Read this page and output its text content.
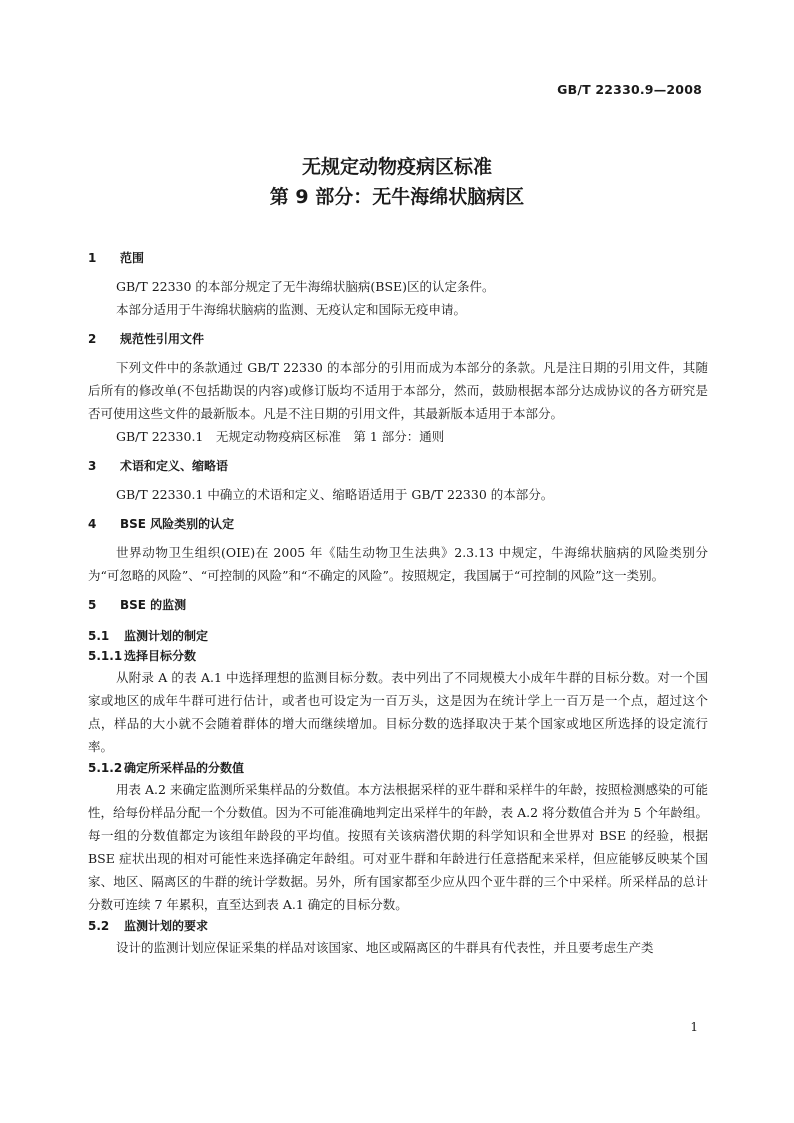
GB/T 22330.9—2008
无规定动物疫病区标准
第 9 部分：无牛海绵状脑病区
1 范围

GB/T 22330 的本部分规定了无牛海绵状脑病(BSE)区的认定条件。

本部分适用于牛海绵状脑病的监测、无疫认定和国际无疫申请。

2 规范性引用文件

下列文件中的条款通过 GB/T 22330 的本部分的引用而成为本部分的条款。凡是注日期的引用文件，其随后所有的修改单(不包括勘误的内容)或修订版均不适用于本部分，然而，鼓励根据本部分达成协议的各方研究是否可使用这些文件的最新版本。凡是不注日期的引用文件，其最新版本适用于本部分。

GB/T 22330.1　无规定动物疫病区标准　第 1 部分：通则

3 术语和定义、缩略语

GB/T 22330.1 中确立的术语和定义、缩略语适用于 GB/T 22330 的本部分。

4 BSE 风险类别的认定

世界动物卫生组织(OIE)在 2005 年《陆生动物卫生法典》2.3.13 中规定，牛海绵状脑病的风险类别分为“可忽略的风险”、“可控制的风险”和“不确定的风险”。按照规定，我国属于“可控制的风险”这一类别。

5 BSE 的监测
5.1 监测计划的制定
5.1.1 选择目标分数

从附录 A 的表 A.1 中选择理想的监测目标分数。表中列出了不同规模大小成年牛群的目标分数。对一个国家或地区的成年牛群可进行估计，或者也可设定为一百万头，这是因为在统计学上一百万是一个点，超过这个点，样品的大小就不会随着群体的增大而继续增加。目标分数的选择取决于某个国家或地区所选择的设定流行率。

5.1.2 确定所采样品的分数值

用表 A.2 来确定监测所采集样品的分数值。本方法根据采样的亚牛群和采样牛的年龄，按照检测感染的可能性，给每份样品分配一个分数值。因为不可能准确地判定出采样牛的年龄，表 A.2 将分数值合并为 5 个年龄组。每一组的分数值都定为该组年龄段的平均值。按照有关该病潜伏期的科学知识和全世界对 BSE 的经验，根据 BSE 症状出现的相对可能性来选择确定年龄组。可对亚牛群和年龄进行任意搭配来采样，但应能够反映某个国家、地区、隔离区的牛群的统计学数据。另外，所有国家都至少应从四个亚牛群的三个中采样。所采样品的总计分数可连续 7 年累积，直至达到表 A.1 确定的目标分数。

5.2 监测计划的要求

设计的监测计划应保证采集的样品对该国家、地区或隔离区的牛群具有代表性，并且要考虑生产类

1
